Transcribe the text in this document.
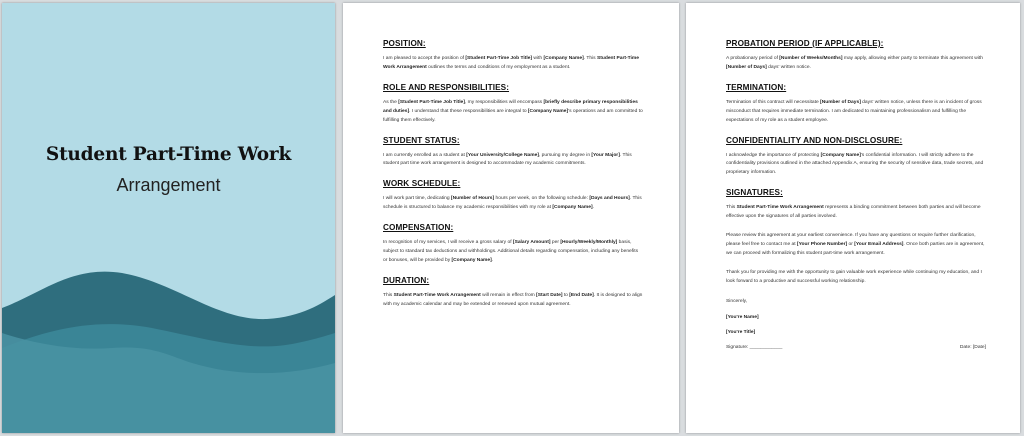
Student Part-Time Work
Arrangement
POSITION:
I am pleased to accept the position of [Student Part-Time Job Title] with [Company Name]. This Student Part-Time Work Arrangement outlines the terms and conditions of my employment as a student.
ROLE AND RESPONSIBILITIES:
As the [Student Part-Time Job Title], my responsibilities will encompass [briefly describe primary responsibilities and duties]. I understand that these responsibilities are integral to [Company Name]'s operations and am committed to fulfilling them effectively.
STUDENT STATUS:
I am currently enrolled as a student at [Your University/College Name], pursuing my degree in [Your Major]. This student part time work arrangement is designed to accommodate my academic commitments.
WORK SCHEDULE:
I will work part time, dedicating [Number of Hours] hours per week, on the following schedule: [Days and Hours]. This schedule is structured to balance my academic responsibilities with my role at [Company Name].
COMPENSATION:
In recognition of my services, I will receive a gross salary of [Salary Amount] per [Hourly/Weekly/Monthly] basis, subject to standard tax deductions and withholdings. Additional details regarding compensation, including any benefits or bonuses, will be provided by [Company Name].
DURATION:
This Student Part-Time Work Arrangement will remain in effect from [Start Date] to [End Date]. It is designed to align with my academic calendar and may be extended or renewed upon mutual agreement.
PROBATION PERIOD (IF APPLICABLE):
A probationary period of [Number of Weeks/Months] may apply, allowing either party to terminate this agreement with [Number of Days] days' written notice.
TERMINATION:
Termination of this contract will necessitate [Number of Days] days' written notice, unless there is an incident of gross misconduct that requires immediate termination. I am dedicated to maintaining professionalism and fulfilling the expectations of my role as a student employee.
CONFIDENTIALITY AND NON-DISCLOSURE:
I acknowledge the importance of protecting [Company Name]'s confidential information. I will strictly adhere to the confidentiality provisions outlined in the attached Appendix A, ensuring the security of sensitive data, trade secrets, and proprietary information.
SIGNATURES:
This Student Part-Time Work Arrangement represents a binding commitment between both parties and will become effective upon the signatures of all parties involved.
Please review this agreement at your earliest convenience. If you have any questions or require further clarification, please feel free to contact me at [Your Phone Number] or [Your Email Address]. Once both parties are in agreement, we can proceed with formalizing this student part-time work arrangement.
Thank you for providing me with the opportunity to gain valuable work experience while continuing my education, and I look forward to a productive and successful working relationship.
Sincerely,
[You're Name]
[You're Title]
Signature: ____________	Date: [Date]
